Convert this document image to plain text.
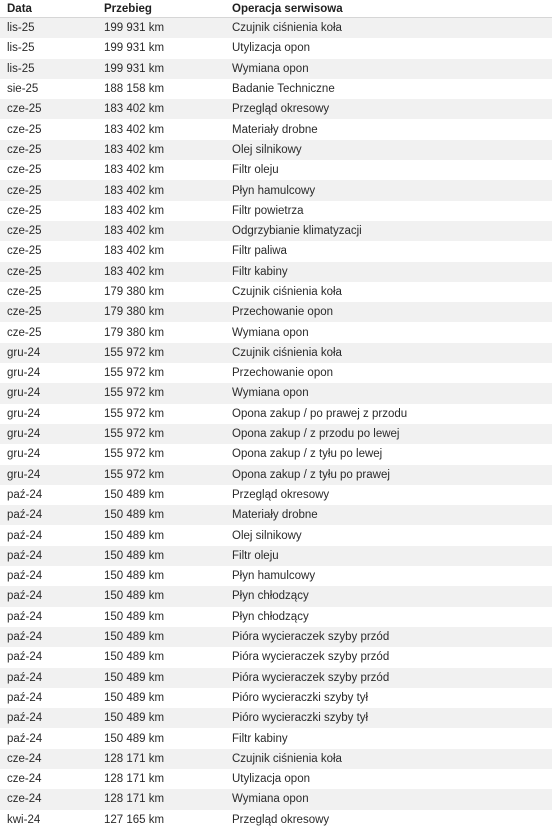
Data	Przebieg	Operacja serwisowa
lis-25	199 931 km	Czujnik ciśnienia koła
lis-25	199 931 km	Utylizacja opon
lis-25	199 931 km	Wymiana opon
sie-25	188 158 km	Badanie Techniczne
cze-25	183 402 km	Przegląd okresowy
cze-25	183 402 km	Materiały drobne
cze-25	183 402 km	Olej silnikowy
cze-25	183 402 km	Filtr oleju
cze-25	183 402 km	Płyn hamulcowy
cze-25	183 402 km	Filtr powietrza
cze-25	183 402 km	Odgrzybianie klimatyzacji
cze-25	183 402 km	Filtr paliwa
cze-25	183 402 km	Filtr kabiny
cze-25	179 380 km	Czujnik ciśnienia koła
cze-25	179 380 km	Przechowanie opon
cze-25	179 380 km	Wymiana opon
gru-24	155 972 km	Czujnik ciśnienia koła
gru-24	155 972 km	Przechowanie opon
gru-24	155 972 km	Wymiana opon
gru-24	155 972 km	Opona zakup / po prawej z przodu
gru-24	155 972 km	Opona zakup / z przodu po lewej
gru-24	155 972 km	Opona zakup / z tyłu po lewej
gru-24	155 972 km	Opona zakup / z tyłu po prawej
paź-24	150 489 km	Przegląd okresowy
paź-24	150 489 km	Materiały drobne
paź-24	150 489 km	Olej silnikowy
paź-24	150 489 km	Filtr oleju
paź-24	150 489 km	Płyn hamulcowy
paź-24	150 489 km	Płyn chłodzący
paź-24	150 489 km	Płyn chłodzący
paź-24	150 489 km	Pióra wycieraczek szyby przód
paź-24	150 489 km	Pióra wycieraczek szyby przód
paź-24	150 489 km	Pióra wycieraczek szyby przód
paź-24	150 489 km	Pióro wycieraczki szyby tył
paź-24	150 489 km	Pióro wycieraczki szyby tył
paź-24	150 489 km	Filtr kabiny
cze-24	128 171 km	Czujnik ciśnienia koła
cze-24	128 171 km	Utylizacja opon
cze-24	128 171 km	Wymiana opon
kwi-24	127 165 km	Przegląd okresowy
